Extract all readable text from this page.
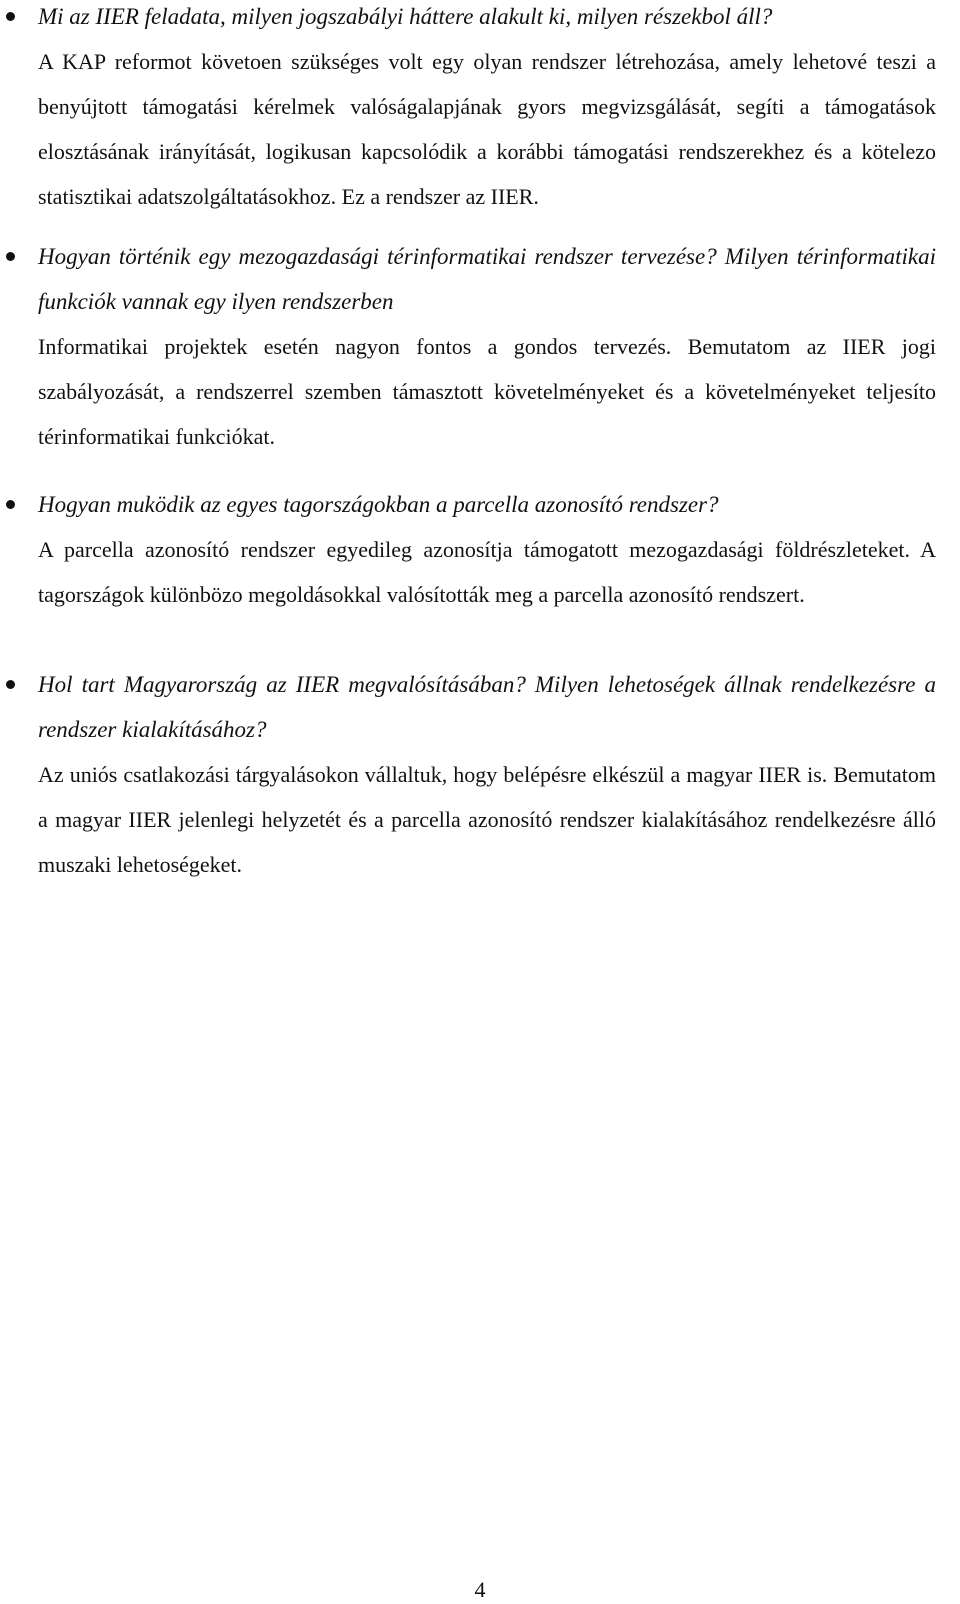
Mi az IIER feladata, milyen jogszabályi háttere alakult ki, milyen részekbol áll?
A KAP reformot követoen szükséges volt egy olyan rendszer létrehozása, amely lehetové teszi a benyújtott támogatási kérelmek valóságalapjának gyors megvizsgálását, segíti a támogatások elosztásának irányítását, logikusan kapcsolódik a korábbi támogatási rendszerekhez és a kötelezo statisztikai adatszolgáltatásokhoz. Ez a rendszer az IIER.
Hogyan történik egy mezogazdasági térinformatikai rendszer tervezése? Milyen térinformatikai funkciók vannak egy ilyen rendszerben
Informatikai projektek esetén nagyon fontos a gondos tervezés. Bemutatom az IIER jogi szabályozását, a rendszerrel szemben támasztott követelményeket és a követelményeket teljesíto térinformatikai funkciókat.
Hogyan muködik az egyes tagországokban a parcella azonosító rendszer?
A parcella azonosító rendszer egyedileg azonosítja támogatott mezogazdasági földrészleteket. A tagországok különbözo megoldásokkal valósították meg a parcella azonosító rendszert.
Hol tart Magyarország az IIER megvalósításában? Milyen lehetoségek állnak rendelkezésre a rendszer kialakításához?
Az uniós csatlakozási tárgyalásokon vállaltuk, hogy belépésre elkészül a magyar IIER is. Bemutatom a magyar IIER jelenlegi helyzetét és a parcella azonosító rendszer kialakításához rendelkezésre álló muszaki lehetoségeket.
4
